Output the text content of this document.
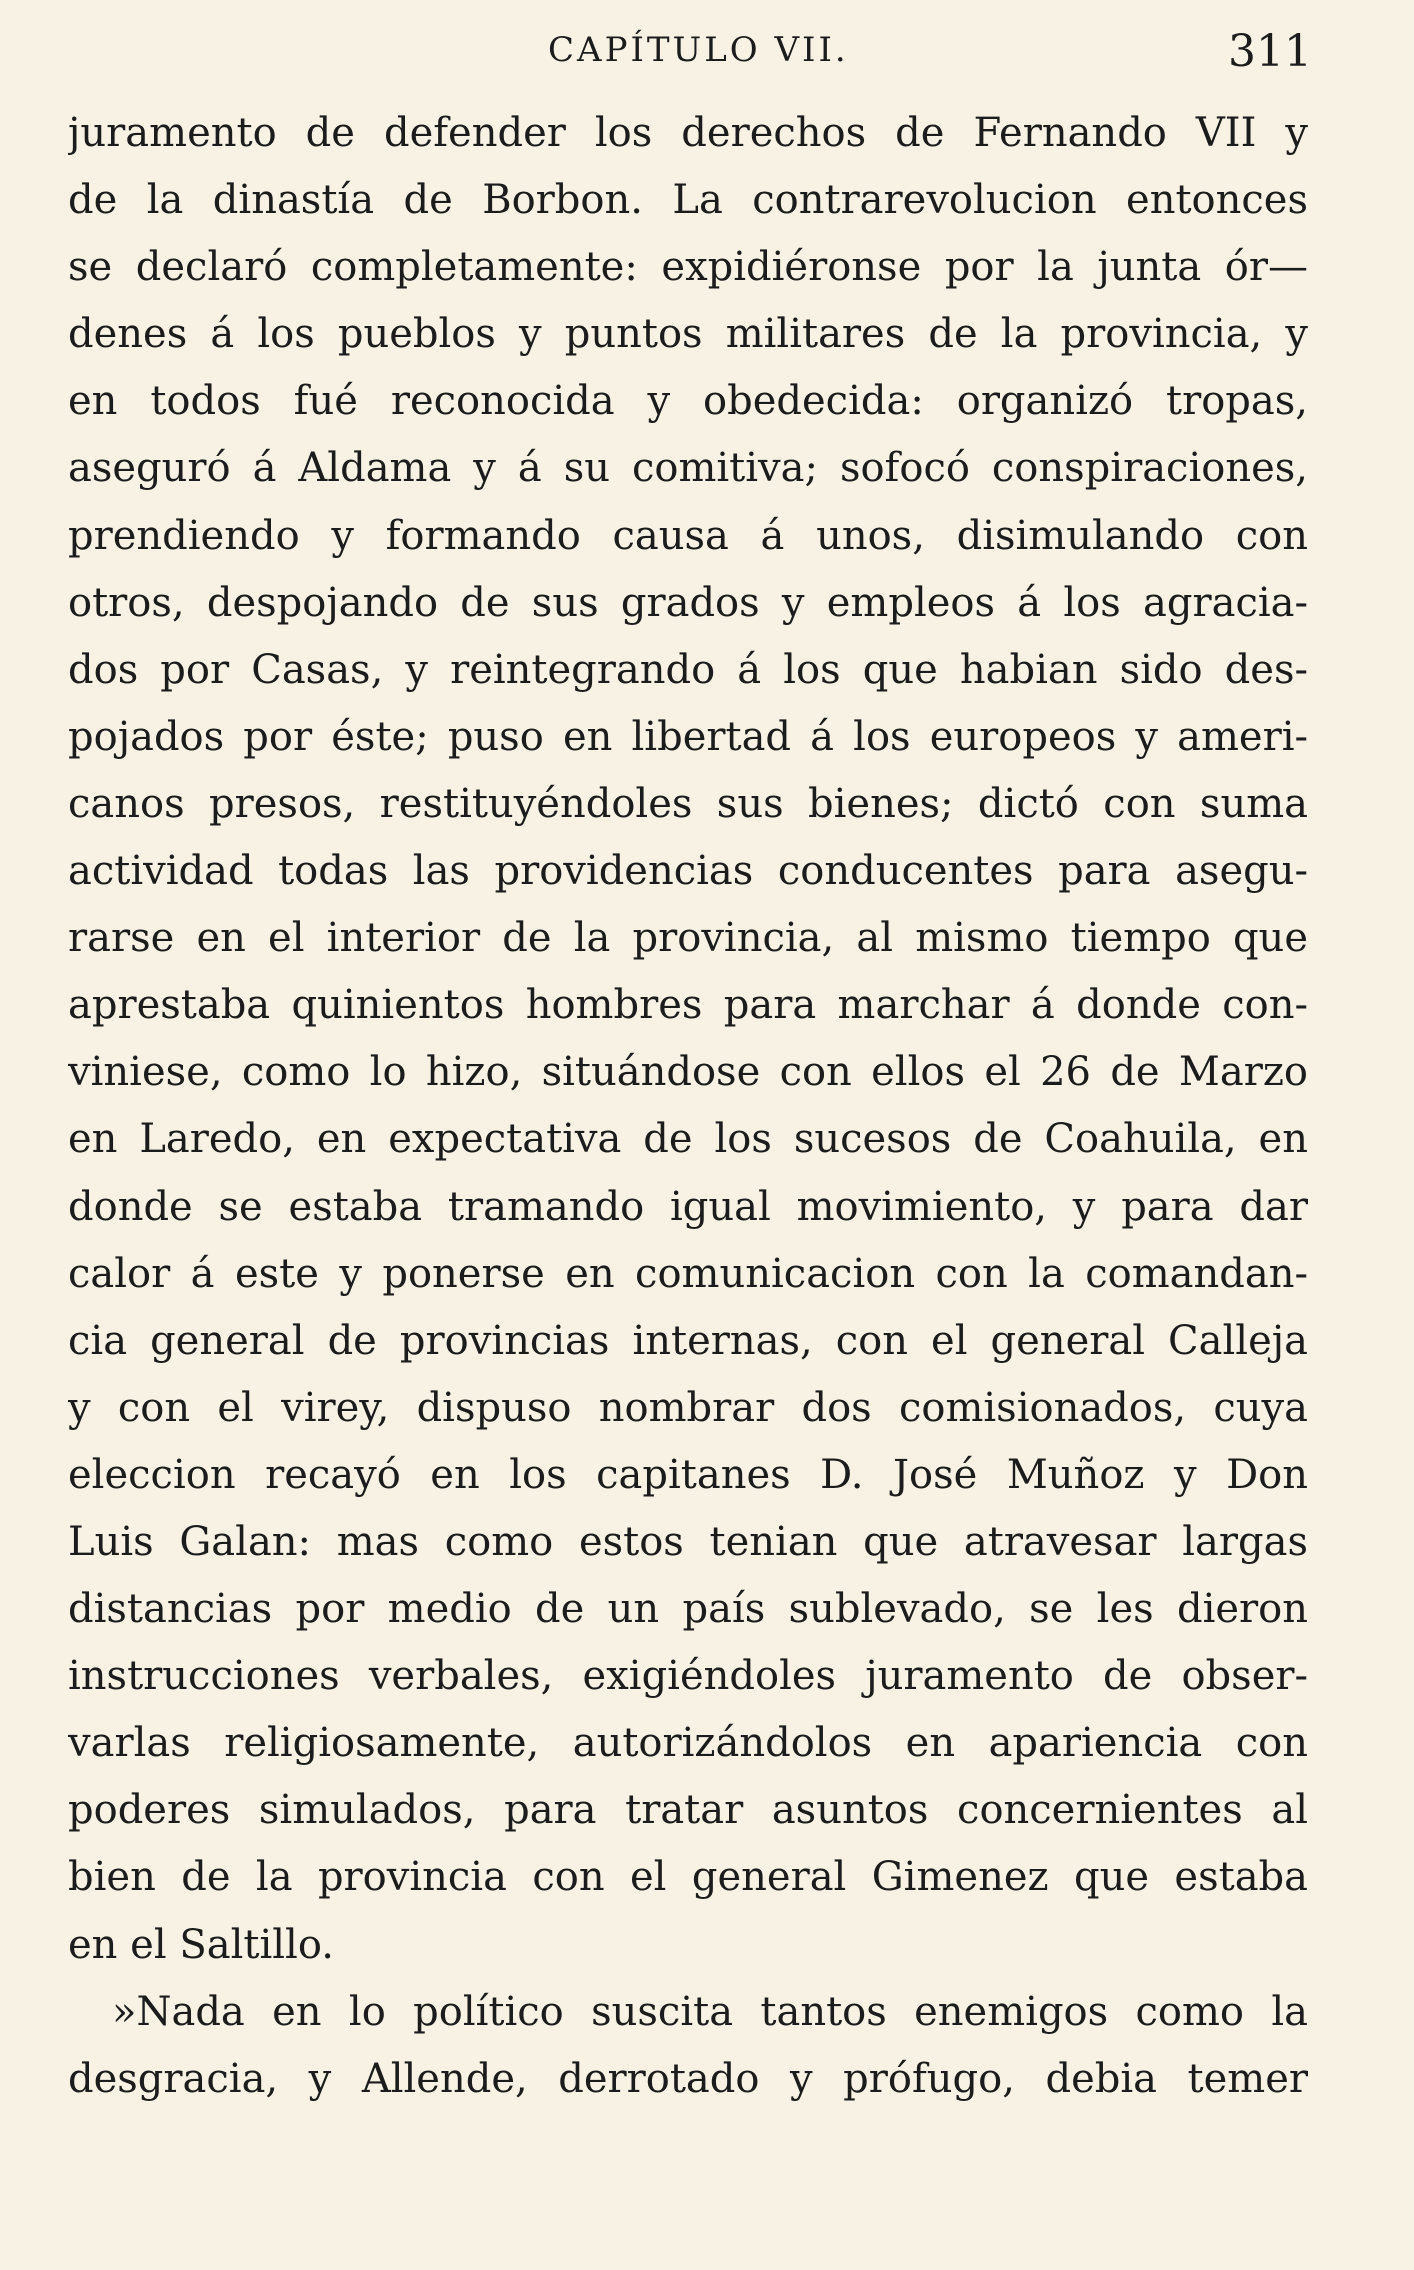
CAPÍTULO VII.	311
juramento de defender los derechos de Fernando VII y
de la dinastía de Borbon. La contrarevolucion entonces
se declaró completamente: expidiéronse por la junta ór—
denes á los pueblos y puntos militares de la provincia, y
en todos fué reconocida y obedecida: organizó tropas,
aseguró á Aldama y á su comitiva; sofocó conspiraciones,
prendiendo y formando causa á unos, disimulando con
otros, despojando de sus grados y empleos á los agracia-
dos por Casas, y reintegrando á los que habian sido des-
pojados por éste; puso en libertad á los europeos y ameri-
canos presos, restituyéndoles sus bienes; dictó con suma
actividad todas las providencias conducentes para asegu-
rarse en el interior de la provincia, al mismo tiempo que
aprestaba quinientos hombres para marchar á donde con-
viniese, como lo hizo, situándose con ellos el 26 de Marzo
en Laredo, en expectativa de los sucesos de Coahuila, en
donde se estaba tramando igual movimiento, y para dar
calor á este y ponerse en comunicacion con la comandan-
cia general de provincias internas, con el general Calleja
y con el virey, dispuso nombrar dos comisionados, cuya
eleccion recayó en los capitanes D. José Muñoz y Don
Luis Galan: mas como estos tenian que atravesar largas
distancias por medio de un país sublevado, se les dieron
instrucciones verbales, exigiéndoles juramento de obser-
varlas religiosamente, autorizándolos en apariencia con
poderes simulados, para tratar asuntos concernientes al
bien de la provincia con el general Gimenez que estaba
en el Saltillo.
»Nada en lo político suscita tantos enemigos como la
desgracia, y Allende, derrotado y prófugo, debia temer
